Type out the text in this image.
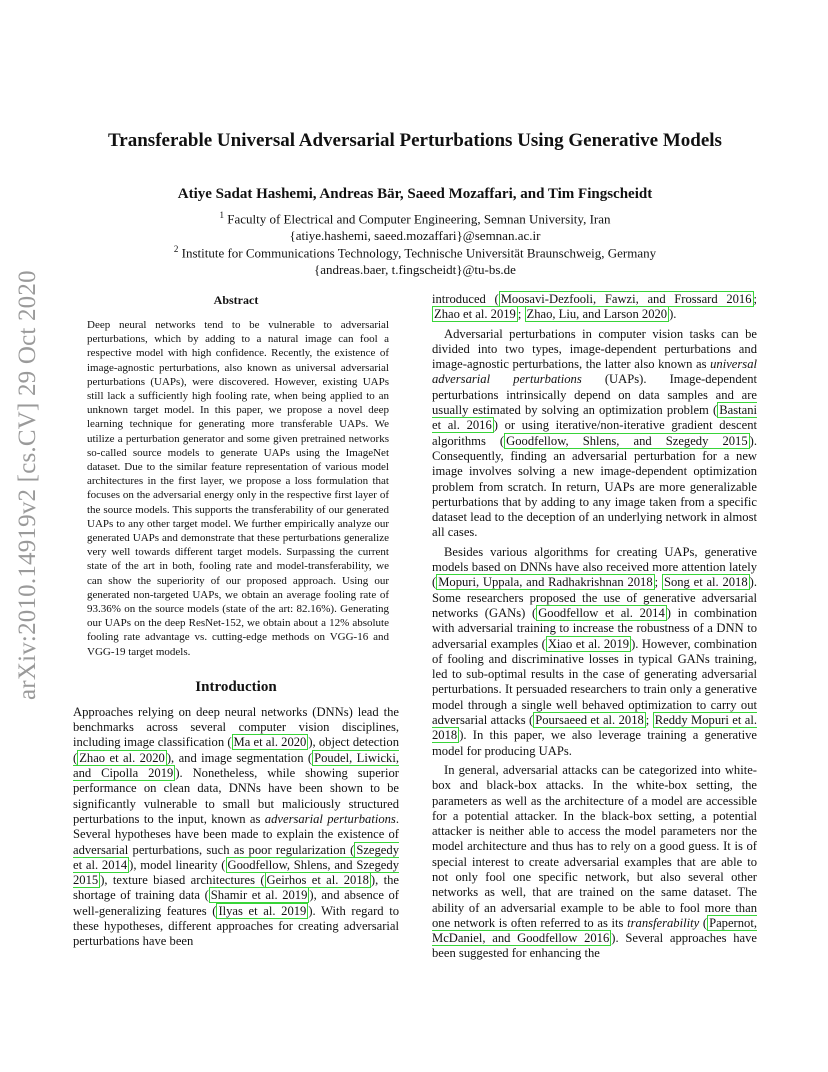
arXiv:2010.14919v2 [cs.CV] 29 Oct 2020
Transferable Universal Adversarial Perturbations Using Generative Models

Atiye Sadat Hashemi, Andreas Bär, Saeed Mozaffari, and Tim Fingscheidt

$^1$ Faculty of Electrical and Computer Engineering, Semnan University, Iran
{atiye.hashemi, saeed.mozaffari}@semnan.ac.ir

$^2$ Institute for Communications Technology, Technische Universität Braunschweig, Germany
{andreas.baer, t.fingscheidt}@tu-bs.de

Abstract

Deep neural networks tend to be vulnerable to adversarial perturbations, which by adding to a natural image can fool a respective model with high confidence. Recently, the existence of image-agnostic perturbations, also known as universal adversarial perturbations (UAPs), were discovered. However, existing UAPs still lack a sufficiently high fooling rate, when being applied to an unknown target model. In this paper, we propose a novel deep learning technique for generating more transferable UAPs. We utilize a perturbation generator and some given pretrained networks so-called source models to generate UAPs using the ImageNet dataset. Due to the similar feature representation of various model architectures in the first layer, we propose a loss formulation that focuses on the adversarial energy only in the respective first layer of the source models. This supports the transferability of our generated UAPs to any other target model. We further empirically analyze our generated UAPs and demonstrate that these perturbations generalize very well towards different target models. Surpassing the current state of the art in both, fooling rate and model-transferability, we can show the superiority of our proposed approach. Using our generated non-targeted UAPs, we obtain an average fooling rate of 93.36% on the source models (state of the art: 82.16%). Generating our UAPs on the deep ResNet-152, we obtain about a 12% absolute fooling rate advantage vs. cutting-edge methods on VGG-16 and VGG-19 target models.

Introduction

Approaches relying on deep neural networks (DNNs) lead the benchmarks across several computer vision disciplines, including image classification ( Ma et al. 2020 ), object detection ( Zhao et al. 2020 ), and image segmentation ( Poudel, Liwicki, and Cipolla 2019 ). Nonetheless, while showing superior performance on clean data, DNNs have been shown to be significantly vulnerable to small but maliciously structured perturbations to the input, known as adversarial perturbations. Several hypotheses have been made to explain the existence of adversarial perturbations, such as poor regularization ( Szegedy et al. 2014 ), model linearity ( Goodfellow, Shlens, and Szegedy 2015 ), texture biased architectures ( Geirhos et al. 2018 ), the shortage of training data ( Shamir et al. 2019 ), and absence of well-generalizing features ( Ilyas et al. 2019 ). With regard to these hypotheses, different approaches for creating adversarial perturbations have been

introduced ( Moosavi-Dezfooli, Fawzi, and Frossard 2016 ; Zhao et al. 2019 ; Zhao, Liu, and Larson 2020 ).

Adversarial perturbations in computer vision tasks can be divided into two types, image-dependent perturbations and image-agnostic perturbations, the latter also known as universal adversarial perturbations (UAPs). Image-dependent perturbations intrinsically depend on data samples and are usually estimated by solving an optimization problem ( Bastani et al. 2016 ) or using iterative/non-iterative gradient descent algorithms ( Goodfellow, Shlens, and Szegedy 2015 ). Consequently, finding an adversarial perturbation for a new image involves solving a new image-dependent optimization problem from scratch. In return, UAPs are more generalizable perturbations that by adding to any image taken from a specific dataset lead to the deception of an underlying network in almost all cases.

Besides various algorithms for creating UAPs, generative models based on DNNs have also received more attention lately ( Mopuri, Uppala, and Radhakrishnan 2018 ; Song et al. 2018 ). Some researchers proposed the use of generative adversarial networks (GANs) ( Goodfellow et al. 2014 ) in combination with adversarial training to increase the robustness of a DNN to adversarial examples ( Xiao et al. 2019 ). However, combination of fooling and discriminative losses in typical GANs training, led to sub-optimal results in the case of generating adversarial perturbations. It persuaded researchers to train only a generative model through a single well behaved optimization to carry out adversarial attacks ( Poursaeed et al. 2018 ; Reddy Mopuri et al. 2018 ). In this paper, we also leverage training a generative model for producing UAPs.

In general, adversarial attacks can be categorized into white-box and black-box attacks. In the white-box setting, the parameters as well as the architecture of a model are accessible for a potential attacker. In the black-box setting, a potential attacker is neither able to access the model parameters nor the model architecture and thus has to rely on a good guess. It is of special interest to create adversarial examples that are able to not only fool one specific network, but also several other networks as well, that are trained on the same dataset. The ability of an adversarial example to be able to fool more than one network is often referred to as its transferability ( Papernot, McDaniel, and Goodfellow 2016 ). Several approaches have been suggested for enhancing the
